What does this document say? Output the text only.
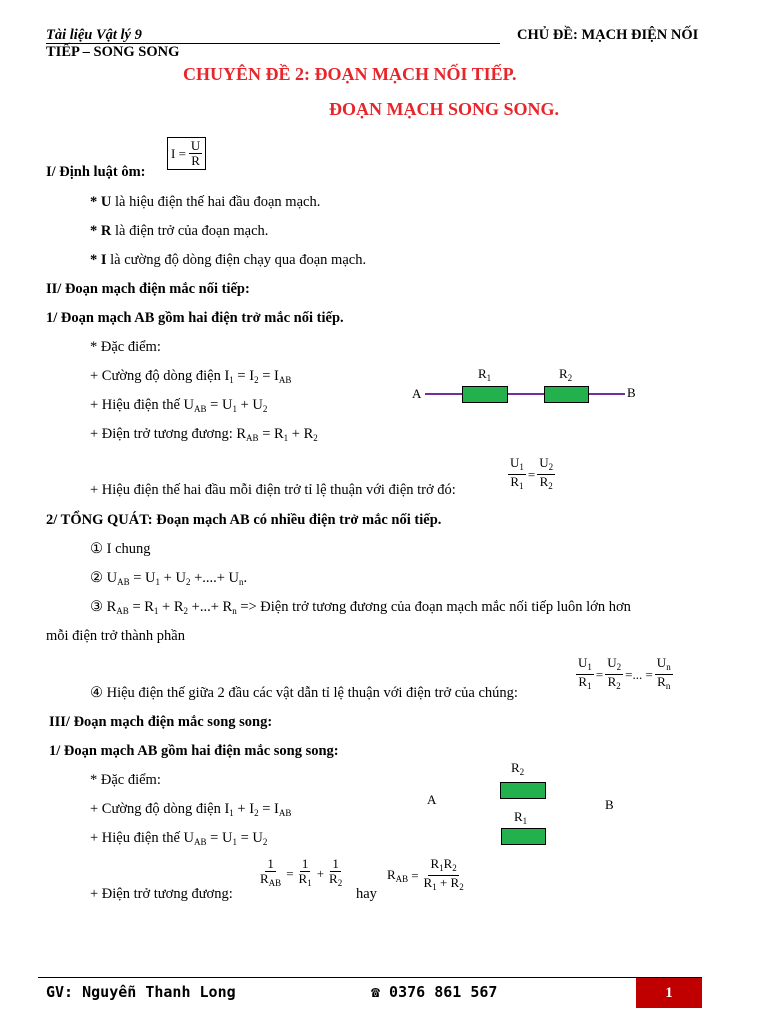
Tài liệu Vật lý 9	CHỦ ĐỀ: MẠCH ĐIỆN NỐI
TIẾP – SONG SONG
CHUYÊN ĐỀ 2: ĐOẠN MẠCH NỐI TIẾP.
ĐOẠN MẠCH SONG SONG.
I/ Định luật ôm:
$I = \frac{U}{R}$
* U là hiệu điện thế hai đầu đoạn mạch.
* R là điện trở của đoạn mạch.
* I là cường độ dòng điện chạy qua đoạn mạch.
II/ Đoạn mạch điện mắc nối tiếp:
1/ Đoạn mạch AB gồm hai điện trở mắc nối tiếp.
* Đặc điểm:
+ Cường độ dòng điện $I_1 = I_2 = I_{AB}$
+ Hiệu điện thế $U_{AB} = U_1 + U_2$
+ Điện trở tương đương: $R_{AB} = R_1 + R_2$
A	B
$R_1$	$R_2$
+ Hiệu điện thế hai đầu mỗi điện trở tỉ lệ thuận với điện trở đó:	$\frac{U_1}{R_1} = \frac{U_2}{R_2}$
2/ TỔNG QUÁT: Đoạn mạch AB có nhiều điện trở mắc nối tiếp.
① I chung
② $U_{AB} = U_1 + U_2$ +....+ $U_n$.
③ $R_{AB} = R_1 + R_2$ +...+ $R_n$ => Điện trở tương đương của đoạn mạch mắc nối tiếp luôn lớn hơn
mỗi điện trở thành phần
④ Hiệu điện thế giữa 2 đầu các vật dẫn tỉ lệ thuận với điện trở của chúng:	$\frac{U_1}{R_1} = \frac{U_2}{R_2}$ =... = $\frac{U_n}{R_n}$
III/ Đoạn mạch điện mắc song song:
1/ Đoạn mạch AB gồm hai điện mắc song song:
* Đặc điểm:
+ Cường độ dòng điện $I_1 + I_2 = I_{AB}$
+ Hiệu điện thế $U_{AB} = U_1 = U_2$
A	B
$R_2$
$R_1$
+ Điện trở tương đương:
$\frac{1}{R_{AB}} = \frac{1}{R_1} + \frac{1}{R_2}$
hay
$R_{AB} = \frac{R_1R_2}{R_1 + R_2}$
GV: Nguyễn Thanh Long	☎ 0376 861 567	1
